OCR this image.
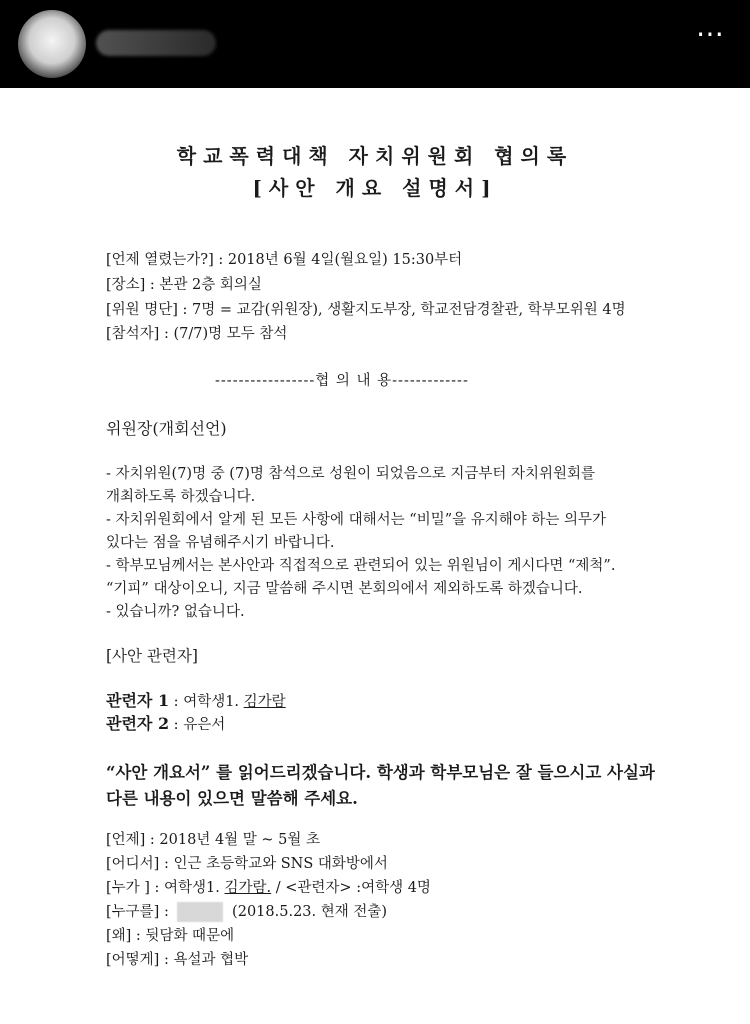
⋯
학교폭력대책 자치위원회 협의록
[사안 개요 설명서]
[언제 열렸는가?] : 2018년 6월 4일(월요일) 15:30부터
[장소] : 본관 2층 회의실
[위원 명단] : 7명 = 교감(위원장), 생활지도부장, 학교전담경찰관, 학부모위원 4명
[참석자] : (7/7)명 모두 참석
-----------------협 의 내 용-------------
위원장(개회선언)
- 자치위원(7)명 중 (7)명 참석으로 성원이 되었음으로 지금부터 자치위원회를
개최하도록 하겠습니다.
- 자치위원회에서 알게 된 모든 사항에 대해서는 “비밀”을 유지해야 하는 의무가
있다는 점을 유념해주시기 바랍니다.
- 학부모님께서는 본사안과 직접적으로 관련되어 있는 위원님이 게시다면 “제척”.
“기피” 대상이오니, 지금 말씀해 주시면 본회의에서 제외하도록 하겠습니다.
- 있습니까? 없습니다.
[사안 관련자]
관련자 1 : 여학생1. 김가람
관련자 2 : 유은서
“사안 개요서” 를 읽어드리겠습니다. 학생과 학부모님은 잘 들으시고 사실과
다른 내용이 있으면 말씀해 주세요.
[언제] : 2018년 4월 말 ~ 5월 초
[어디서] : 인근 초등학교와 SNS 대화방에서
[누가 ] : 여학생1. 김가람. / <관련자> :여학생 4명
[누구를] :	(2018.5.23. 현재 전출)
[왜] : 뒷담화 때문에
[어떻게] : 욕설과 협박
